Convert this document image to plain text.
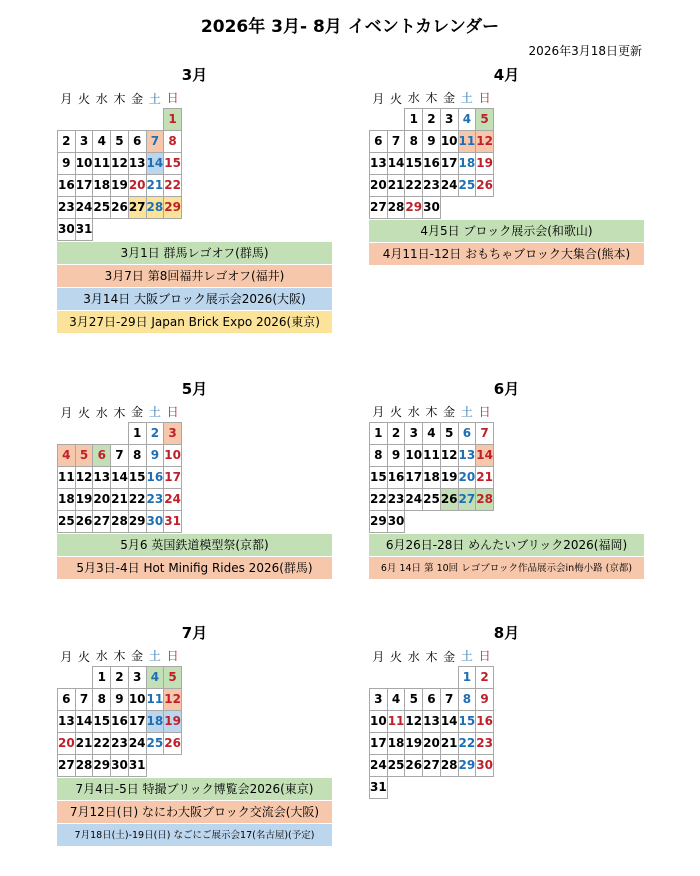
2026年 3月- 8月 イベントカレンダー
2026年3月18日更新
3月
月	火	水	木	金	土	日
						1
2	3	4	5	6	7	8
9	10	11	12	13	14	15
16	17	18	19	20	21	22
23	24	25	26	27	28	29
30	31					
3月1日 群馬レゴオフ(群馬)
3月7日 第8回福井レゴオフ(福井)
3月14日 大阪ブロック展示会2026(大阪)
3月27日-29日 Japan Brick Expo 2026(東京)
4月
月	火	水	木	金	土	日
		1	2	3	4	5
6	7	8	9	10	11	12
13	14	15	16	17	18	19
20	21	22	23	24	25	26
27	28	29	30			
4月5日 ブロック展示会(和歌山)
4月11日-12日 おもちゃブロック大集合(熊本)
5月
月	火	水	木	金	土	日
				1	2	3
4	5	6	7	8	9	10
11	12	13	14	15	16	17
18	19	20	21	22	23	24
25	26	27	28	29	30	31
5月6 英国鉄道模型祭(京都)
5月3日-4日 Hot Minifig Rides 2026(群馬)
6月
月	火	水	木	金	土	日
1	2	3	4	5	6	7
8	9	10	11	12	13	14
15	16	17	18	19	20	21
22	23	24	25	26	27	28
29	30					
6月26日-28日 めんたいブリック2026(福岡)
6月 14日 第 10回 レゴブロック作品展示会in梅小路 (京都)
7月
月	火	水	木	金	土	日
		1	2	3	4	5
6	7	8	9	10	11	12
13	14	15	16	17	18	19
20	21	22	23	24	25	26
27	28	29	30	31		
7月4日-5日 特撮ブリック博覧会2026(東京)
7月12日(日) なにわ大阪ブロック交流会(大阪)
7月18日(土)-19日(日) なごにご展示会17(名古屋)(予定)
8月
月	火	水	木	金	土	日
					1	2
3	4	5	6	7	8	9
10	11	12	13	14	15	16
17	18	19	20	21	22	23
24	25	26	27	28	29	30
31						
